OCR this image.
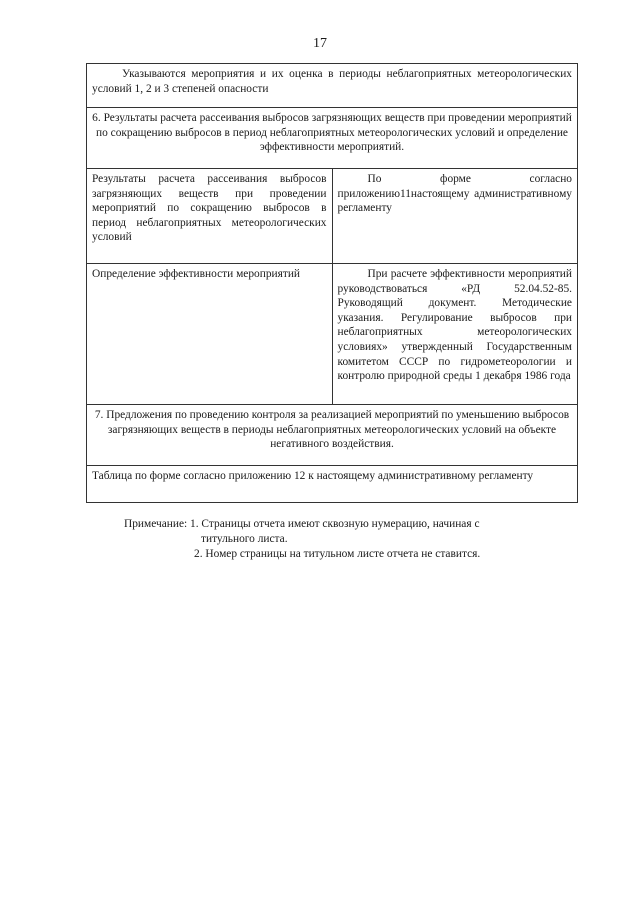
17
Указываются мероприятия и их оценка в периоды неблагоприятных метеорологических условий 1, 2 и 3 степеней опасности	
6. Результаты расчета рассеивания выбросов загрязняющих веществ при проведении мероприятий по сокращению выбросов в период неблагоприятных метеорологических условий и определение эффективности мероприятий.	
Результаты расчета рассеивания выбросов загрязняющих веществ при проведении мероприятий по сокращению выбросов в период неблагоприятных метеорологических условий	По форме согласно приложению11настоящему административному регламенту
Определение эффективности мероприятий	При расчете эффективности мероприятий руководствоваться «РД 52.04.52-85. Руководящий документ. Методические указания. Регулирование выбросов при неблагоприятных метеорологических условиях» утвержденный Государственным комитетом СССР по гидрометеорологии и контролю природной среды 1 декабря 1986 года
7. Предложения по проведению контроля за реализацией мероприятий по уменьшению выбросов загрязняющих веществ в периоды неблагоприятных метеорологических условий на объекте негативного воздействия.	
Таблица по форме согласно приложению 12 к настоящему административному регламенту	

Примечание: 1. Страницы отчета имеют сквозную нумерацию, начиная с

титульного листа.

2. Номер страницы на титульном листе отчета не ставится.
